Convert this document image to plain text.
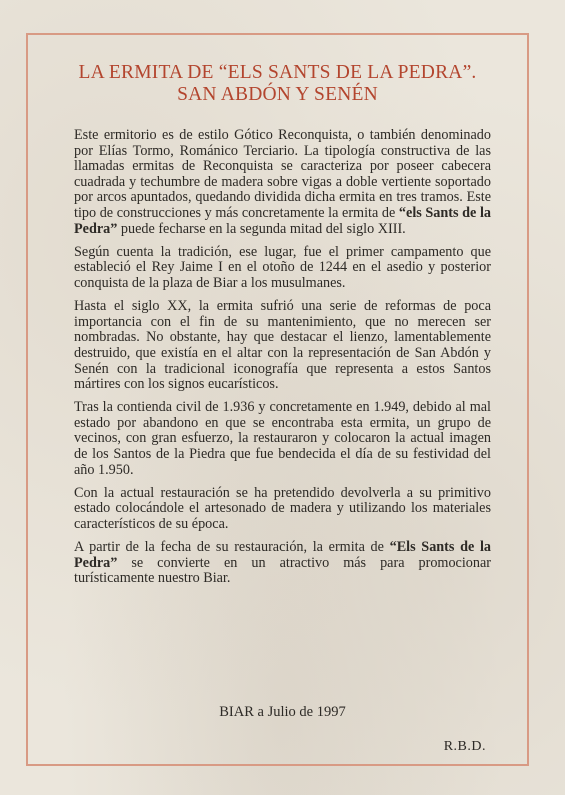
LA ERMITA DE “ELS SANTS DE LA PEDRA”.
SAN ABDÓN Y SENÉN

Este ermitorio es de estilo Gótico Reconquista, o también denominado por Elías Tormo, Románico Terciario. La tipología constructiva de las llamadas ermitas de Reconquista se caracteriza por poseer cabecera cuadrada y techumbre de madera sobre vigas a doble vertiente soportado por arcos apuntados, quedando dividida dicha ermita en tres tramos. Este tipo de construcciones y más concretamente la ermita de “els Sants de la Pedra” puede fecharse en la segunda mitad del siglo XIII.

Según cuenta la tradición, ese lugar, fue el primer campamento que estableció el Rey Jaime I en el otoño de 1244 en el asedio y posterior conquista de la plaza de Biar a los musulmanes.

Hasta el siglo XX, la ermita sufrió una serie de reformas de poca importancia con el fin de su mantenimiento, que no merecen ser nombradas. No obstante, hay que destacar el lienzo, lamentablemente destruido, que existía en el altar con la representación de San Abdón y Senén con la tradicional iconografía que representa a estos Santos mártires con los signos eucarísticos.

Tras la contienda civil de 1.936 y concretamente en 1.949, debido al mal estado por abandono en que se encontraba esta ermita, un grupo de vecinos, con gran esfuerzo, la restauraron y colocaron la actual imagen de los Santos de la Piedra que fue bendecida el día de su festividad del año 1.950.

Con la actual restauración se ha pretendido devolverla a su primitivo estado colocándole el artesonado de madera y utilizando los materiales característicos de su época.

A partir de la fecha de su restauración, la ermita de “Els Sants de la Pedra” se convierte en un atractivo más para promocionar turísticamente nuestro Biar.

BIAR a Julio de 1997
R.B.D.
